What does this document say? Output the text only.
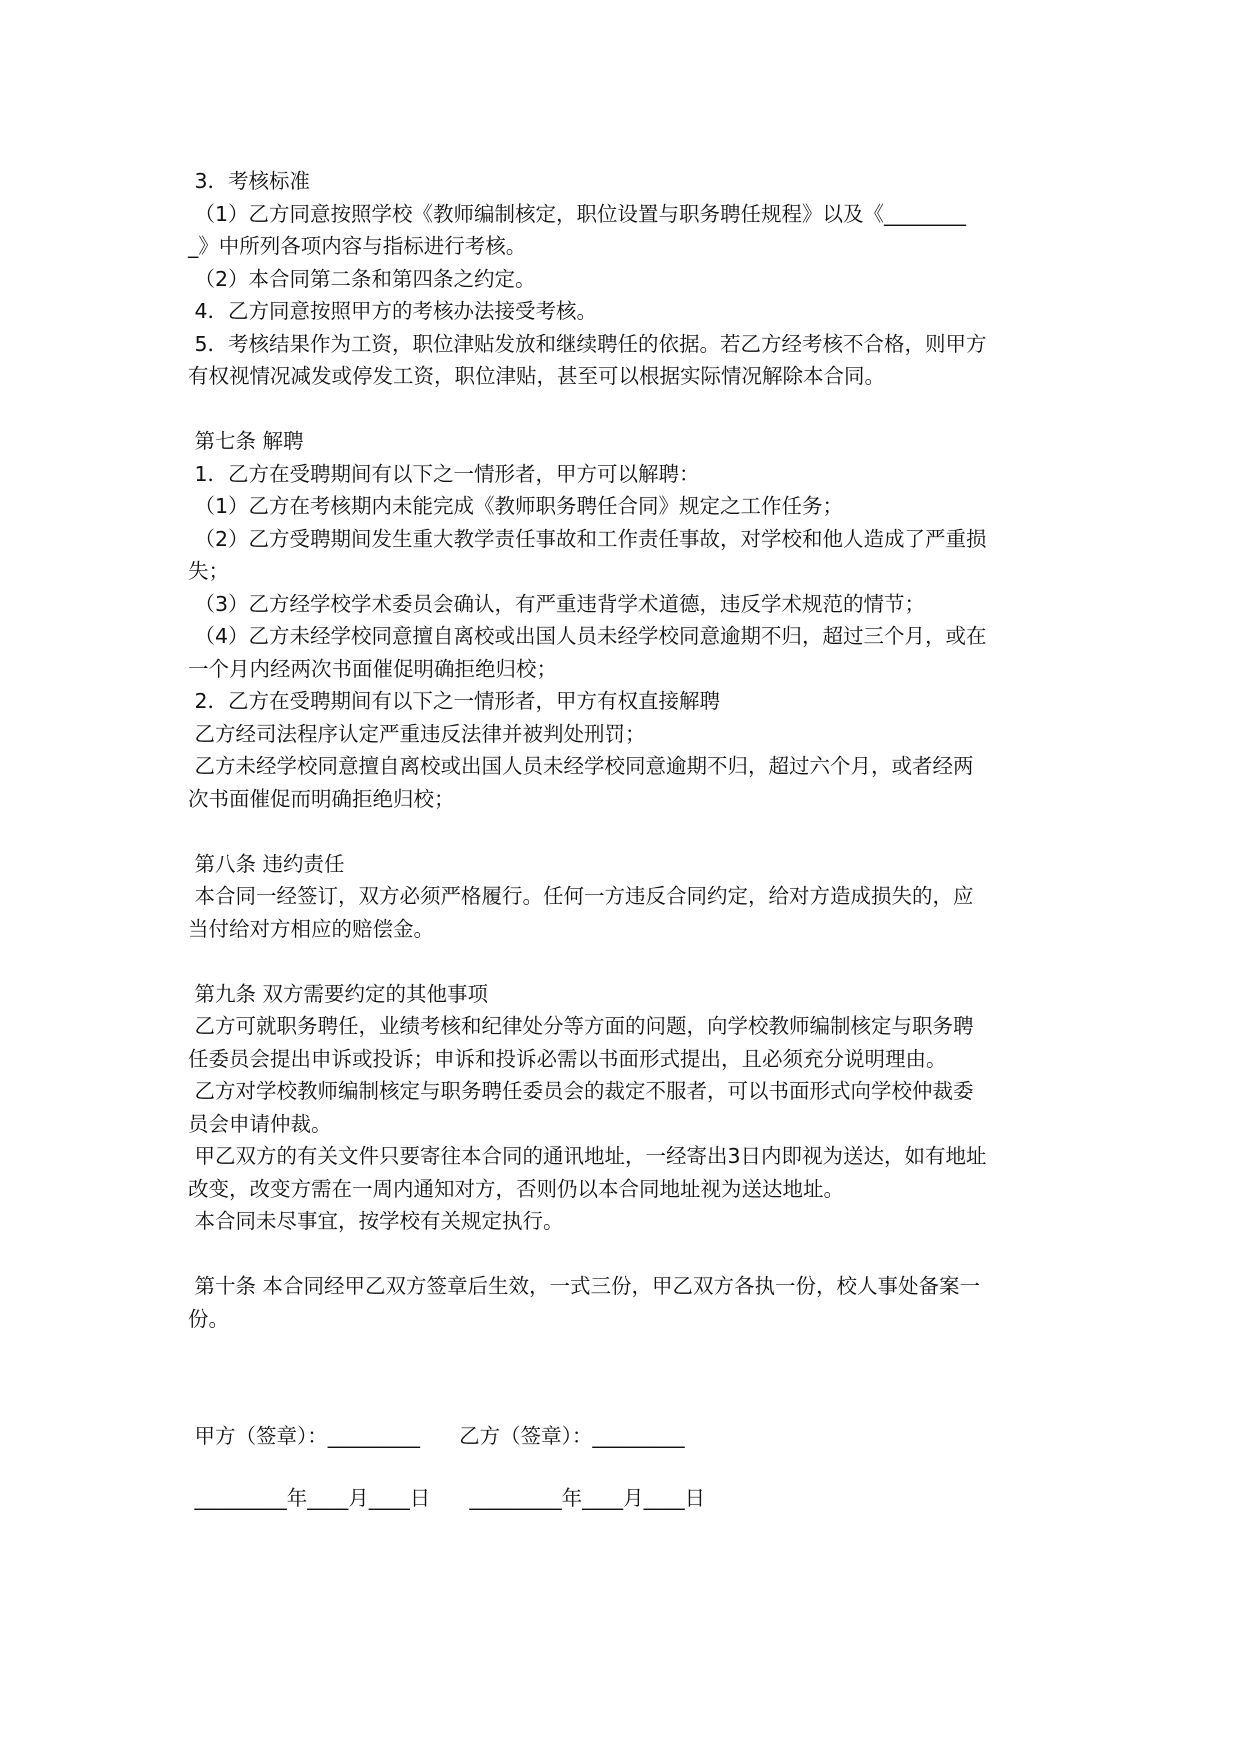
3．考核标准

（1）乙方同意按照学校《教师编制核定，职位设置与职务聘任规程》以及《________

_》中所列各项内容与指标进行考核。

（2）本合同第二条和第四条之约定。

4．乙方同意按照甲方的考核办法接受考核。

5．考核结果作为工资，职位津贴发放和继续聘任的依据。若乙方经考核不合格，则甲方

有权视情况减发或停发工资，职位津贴，甚至可以根据实际情况解除本合同。

第七条 解聘

1．乙方在受聘期间有以下之一情形者，甲方可以解聘：

（1）乙方在考核期内未能完成《教师职务聘任合同》规定之工作任务；

（2）乙方受聘期间发生重大教学责任事故和工作责任事故，对学校和他人造成了严重损

失；

（3）乙方经学校学术委员会确认，有严重违背学术道德，违反学术规范的情节；

（4）乙方未经学校同意擅自离校或出国人员未经学校同意逾期不归，超过三个月，或在

一个月内经两次书面催促明确拒绝归校；

2．乙方在受聘期间有以下之一情形者，甲方有权直接解聘

乙方经司法程序认定严重违反法律并被判处刑罚；

乙方未经学校同意擅自离校或出国人员未经学校同意逾期不归，超过六个月，或者经两

次书面催促而明确拒绝归校；

第八条 违约责任

本合同一经签订，双方必须严格履行。任何一方违反合同约定，给对方造成损失的，应

当付给对方相应的赔偿金。

第九条 双方需要约定的其他事项

乙方可就职务聘任，业绩考核和纪律处分等方面的问题，向学校教师编制核定与职务聘

任委员会提出申诉或投诉；申诉和投诉必需以书面形式提出，且必须充分说明理由。

乙方对学校教师编制核定与职务聘任委员会的裁定不服者，可以书面形式向学校仲裁委

员会申请仲裁。

甲乙双方的有关文件只要寄往本合同的通讯地址，一经寄出3日内即视为送达，如有地址

改变，改变方需在一周内通知对方，否则仍以本合同地址视为送达地址。

本合同未尽事宜，按学校有关规定执行。

第十条 本合同经甲乙双方签章后生效，一式三份，甲乙双方各执一份，校人事处备案一

份。

甲方（签章）：_________      乙方（签章）：_________
_________年____月____日      _________年____月____日
